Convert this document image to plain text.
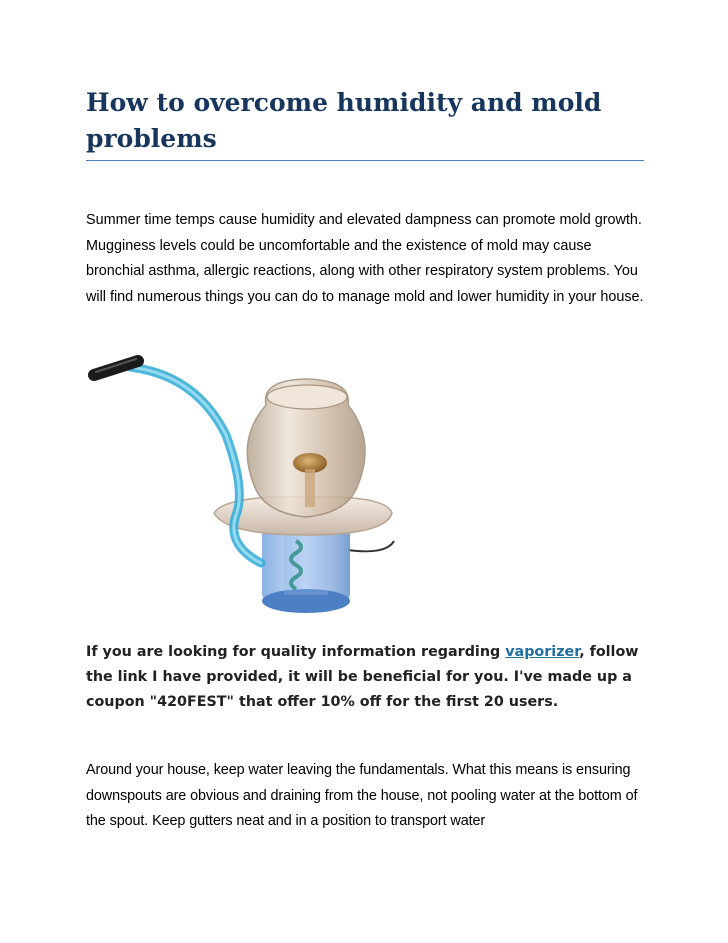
How to overcome humidity and mold problems

Summer time temps cause humidity and elevated dampness can promote mold growth. Mugginess levels could be uncomfortable and the existence of mold may cause bronchial asthma, allergic reactions, along with other respiratory system problems. You will find numerous things you can do to manage mold and lower humidity in your house.

If you are looking for quality information regarding vaporizer, follow the link I have provided, it will be beneficial for you. I've made up a coupon "420FEST" that offer 10% off for the first 20 users.

Around your house, keep water leaving the fundamentals. What this means is ensuring downspouts are obvious and draining from the house, not pooling water at the bottom of the spout. Keep gutters neat and in a position to transport water
